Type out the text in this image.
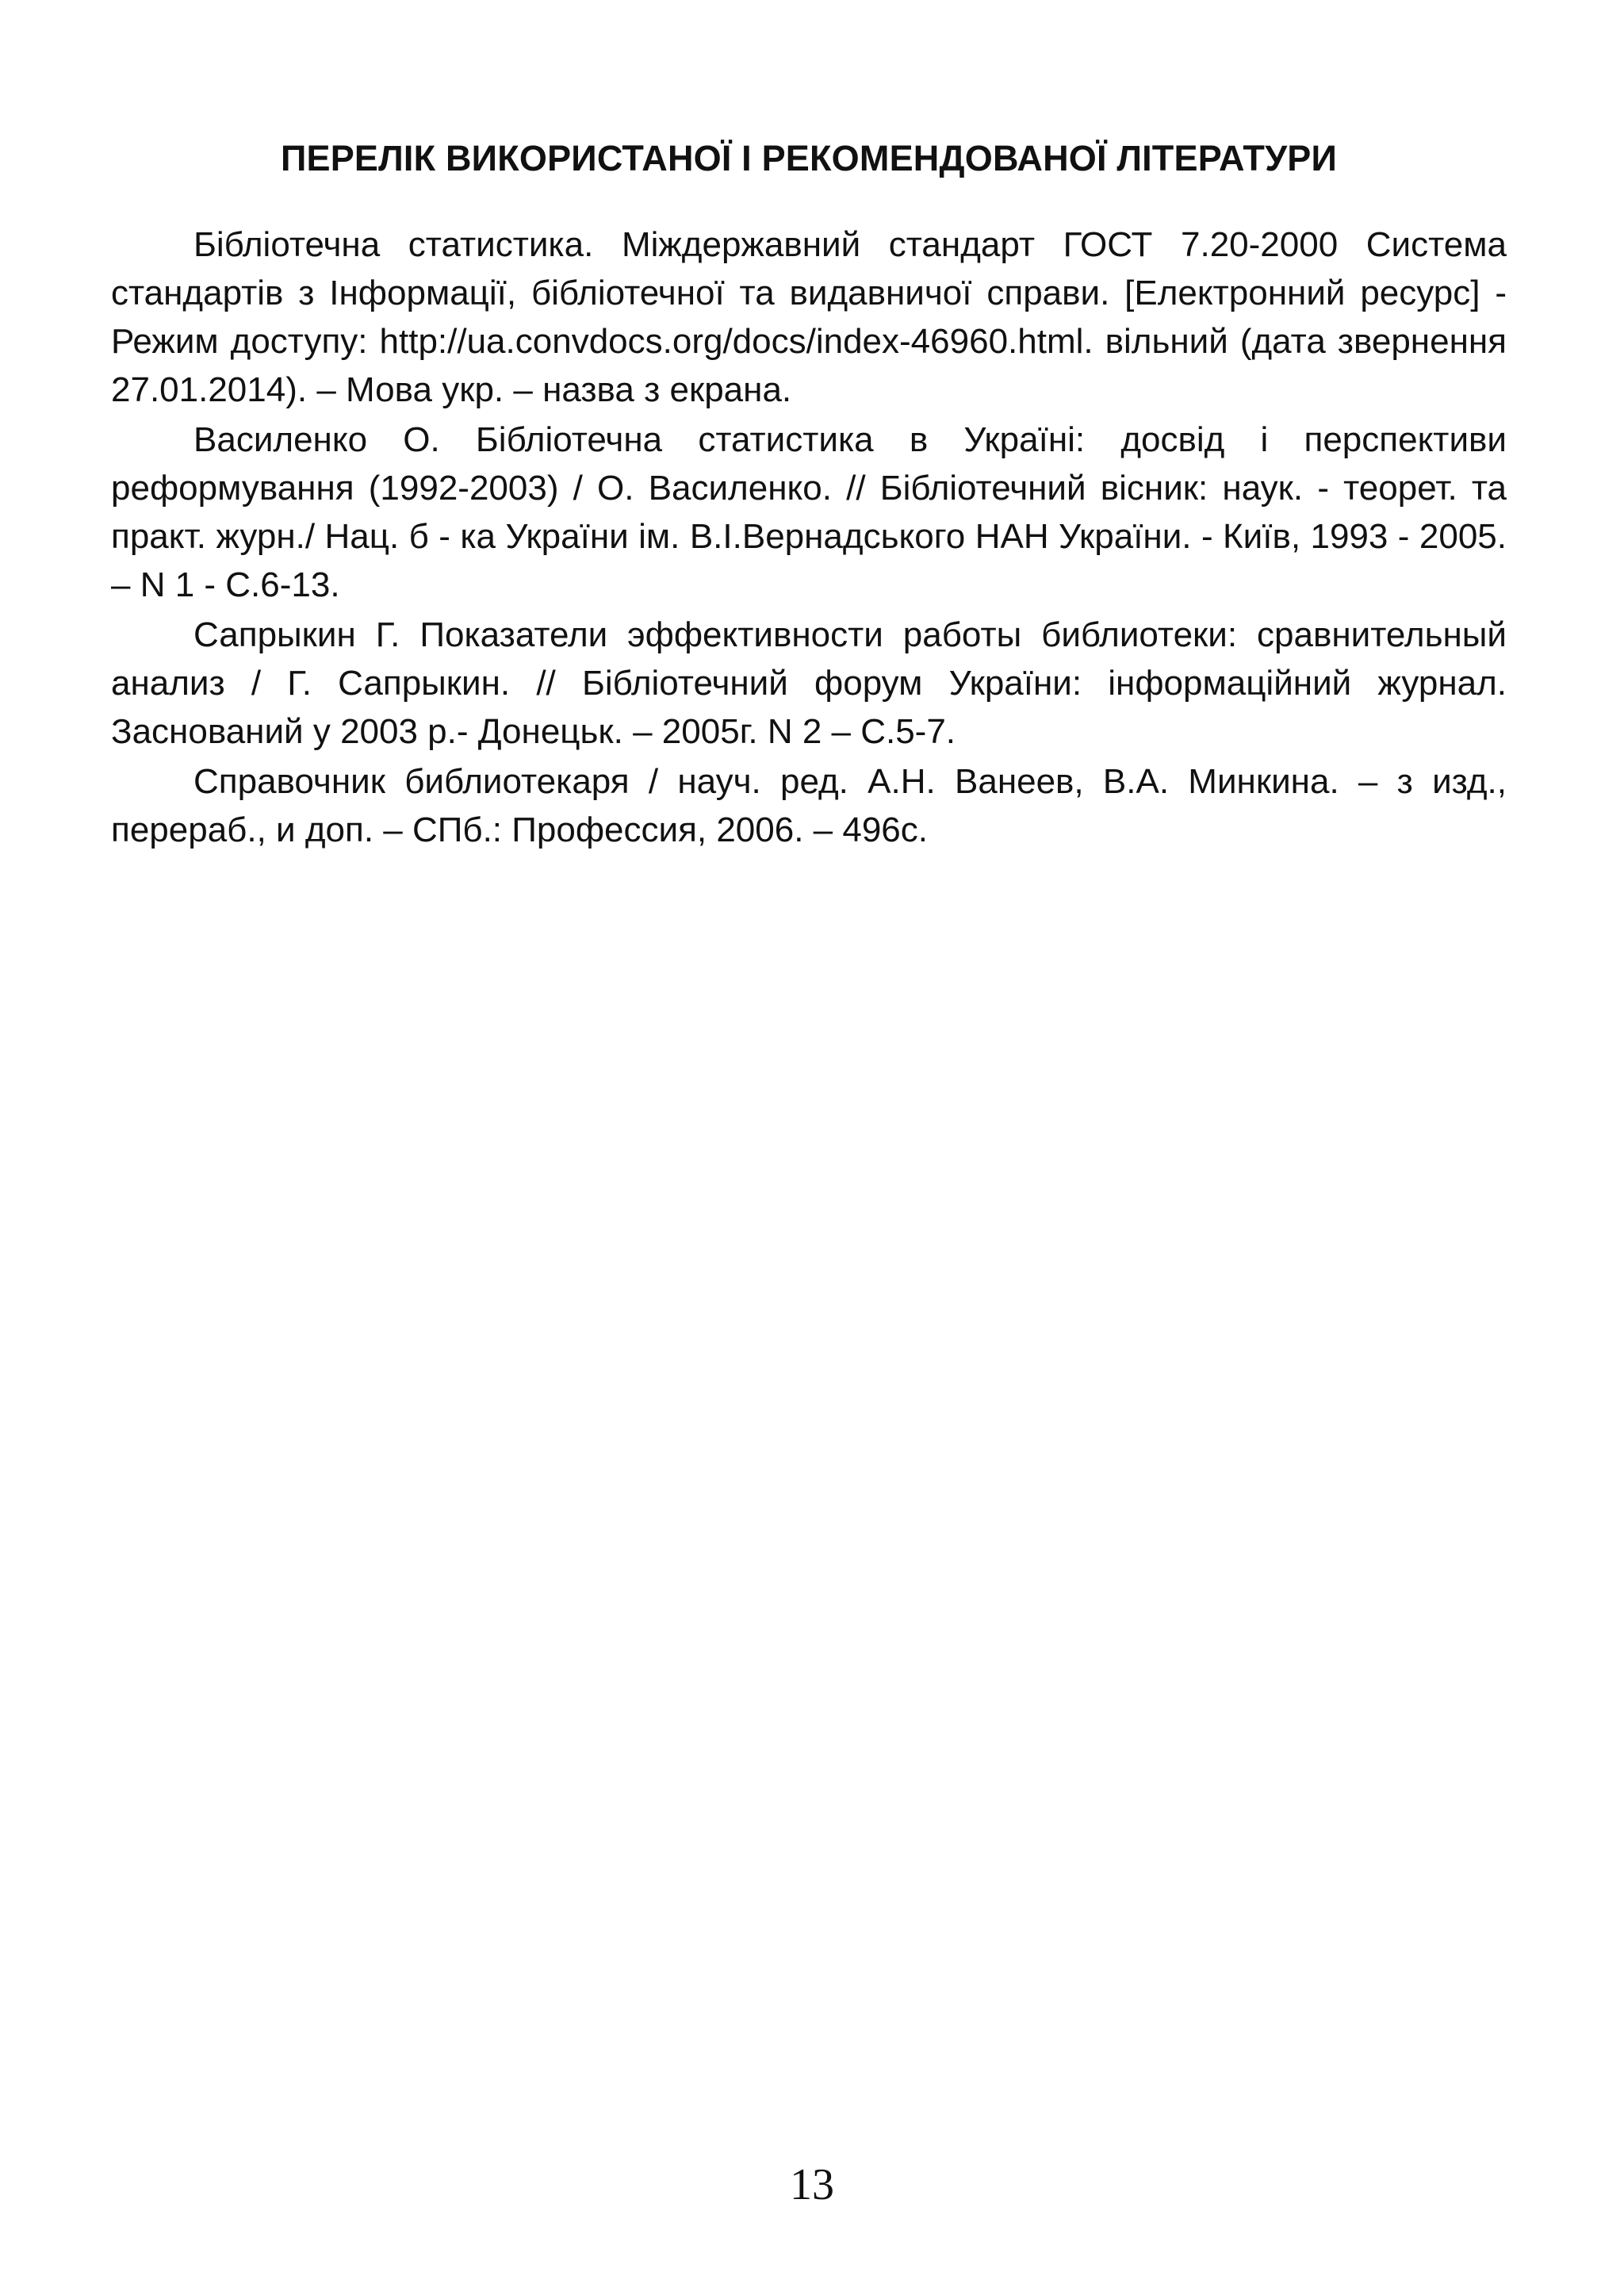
ПЕРЕЛІК ВИКОРИСТАНОЇ І РЕКОМЕНДОВАНОЇ ЛІТЕРАТУРИ

Бібліотечна статистика. Міждержавний стандарт ГОСТ 7.20-2000 Система стандартів з Інформації, бібліотечної та видавничої справи. [Електронний ресурс] - Режим доступу: http://ua.convdocs.org/docs/index-46960.html. вільний (дата звернення 27.01.2014). – Мова укр. – назва з екрана.

Василенко О. Бібліотечна статистика в Україні: досвід і перспективи реформування (1992-2003) / О. Василенко. // Бібліотечний вісник: наук. - теорет. та практ. журн./ Нац. б - ка України ім. В.І.Вернадського НАН України. - Київ, 1993 - 2005. – N 1 - С.6-13.

Сапрыкин Г. Показатели эффективности работы библиотеки: сравнительный анализ / Г. Сапрыкин. // Бібліотечний форум України: інформаційний журнал. Заснований у 2003 р.- Донецьк. – 2005г. N 2 – С.5-7.

Справочник библиотекаря / науч. ред. А.Н. Ванеев, В.А. Минкина. – з изд., перераб., и доп. – СПб.: Профессия, 2006. – 496с.

13
